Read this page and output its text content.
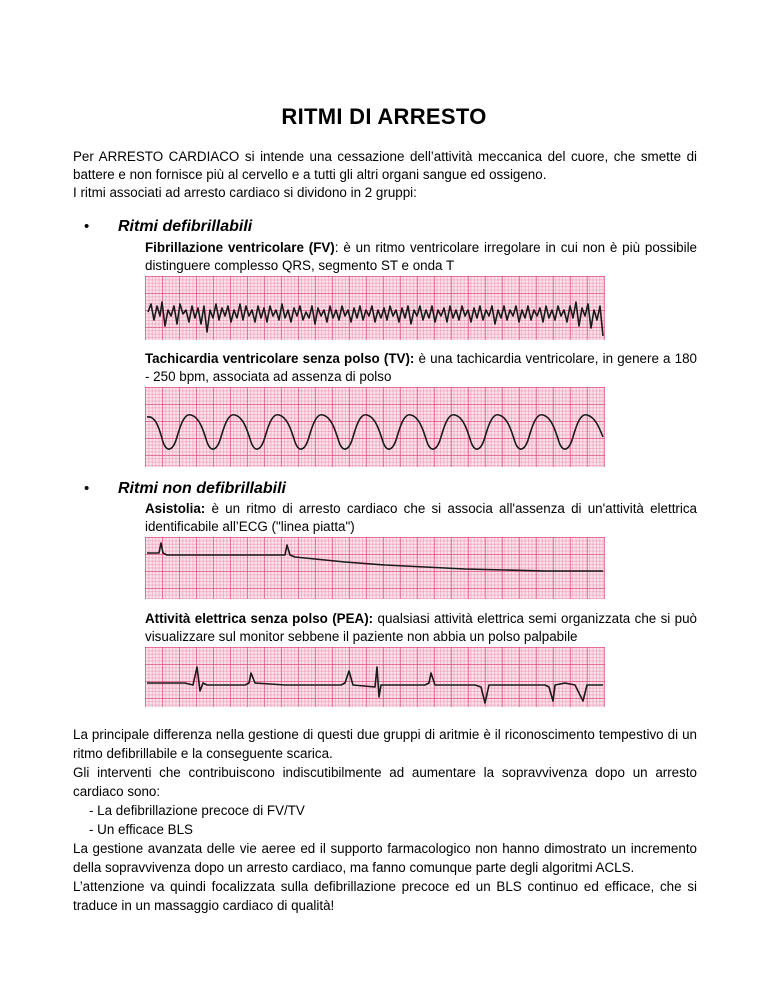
RITMI DI ARRESTO
Per ARRESTO CARDIACO si intende una cessazione dell’attività meccanica del cuore, che smette di battere e non fornisce più al cervello e a tutti gli altri organi sangue ed ossigeno.
I ritmi associati ad arresto cardiaco si dividono in 2 gruppi:
• Ritmi defibrillabili
Fibrillazione ventricolare (FV): è un ritmo ventricolare irregolare in cui non è più possibile distinguere complesso QRS, segmento ST e onda T
Tachicardia ventricolare senza polso (TV): è una tachicardia ventricolare, in genere a 180 - 250 bpm, associata ad assenza di polso
• Ritmi non defibrillabili
Asistolia: è un ritmo di arresto cardiaco che si associa all'assenza di un'attività elettrica identificabile all’ECG ("linea piatta")
Attività elettrica senza polso (PEA): qualsiasi attività elettrica semi organizzata che si può visualizzare sul monitor sebbene il paziente non abbia un polso palpabile

La principale differenza nella gestione di questi due gruppi di aritmie è il riconoscimento tempestivo di un ritmo defibrillabile e la conseguente scarica.

Gli interventi che contribuiscono indiscutibilmente ad aumentare la sopravvivenza dopo un arresto cardiaco sono:

- La defibrillazione precoce di FV/TV

- Un efficace BLS

La gestione avanzata delle vie aeree ed il supporto farmacologico non hanno dimostrato un incremento della sopravvivenza dopo un arresto cardiaco, ma fanno comunque parte degli algoritmi ACLS.

L’attenzione va quindi focalizzata sulla defibrillazione precoce ed un BLS continuo ed efficace, che si traduce in un massaggio cardiaco di qualità!
